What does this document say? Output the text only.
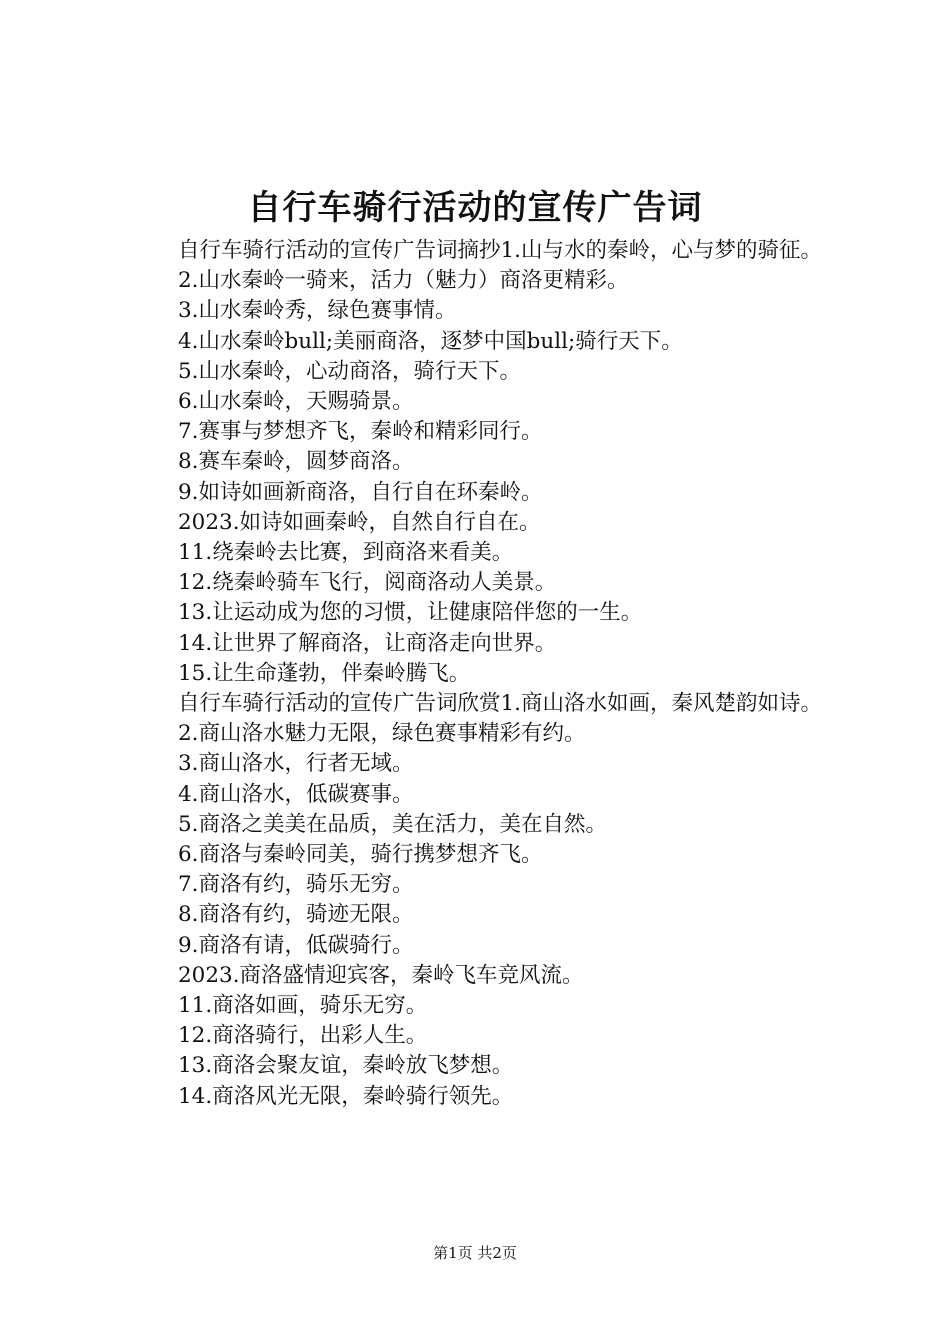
自行车骑行活动的宣传广告词

自行车骑行活动的宣传广告词摘抄1.山与水的秦岭，心与梦的骑征。

2.山水秦岭一骑来，活力（魅力）商洛更精彩。

3.山水秦岭秀，绿色赛事情。

4.山水秦岭bull;美丽商洛，逐梦中国bull;骑行天下。

5.山水秦岭，心动商洛，骑行天下。

6.山水秦岭，天赐骑景。

7.赛事与梦想齐飞，秦岭和精彩同行。

8.赛车秦岭，圆梦商洛。

9.如诗如画新商洛，自行自在环秦岭。

2023.如诗如画秦岭，自然自行自在。

11.绕秦岭去比赛，到商洛来看美。

12.绕秦岭骑车飞行，阅商洛动人美景。

13.让运动成为您的习惯，让健康陪伴您的一生。

14.让世界了解商洛，让商洛走向世界。

15.让生命蓬勃，伴秦岭腾飞。

自行车骑行活动的宣传广告词欣赏1.商山洛水如画，秦风楚韵如诗。

2.商山洛水魅力无限，绿色赛事精彩有约。

3.商山洛水，行者无域。

4.商山洛水，低碳赛事。

5.商洛之美美在品质，美在活力，美在自然。

6.商洛与秦岭同美，骑行携梦想齐飞。

7.商洛有约，骑乐无穷。

8.商洛有约，骑迹无限。

9.商洛有请，低碳骑行。

2023.商洛盛情迎宾客，秦岭飞车竞风流。

11.商洛如画，骑乐无穷。

12.商洛骑行，出彩人生。

13.商洛会聚友谊，秦岭放飞梦想。

14.商洛风光无限，秦岭骑行领先。

第1页 共2页
